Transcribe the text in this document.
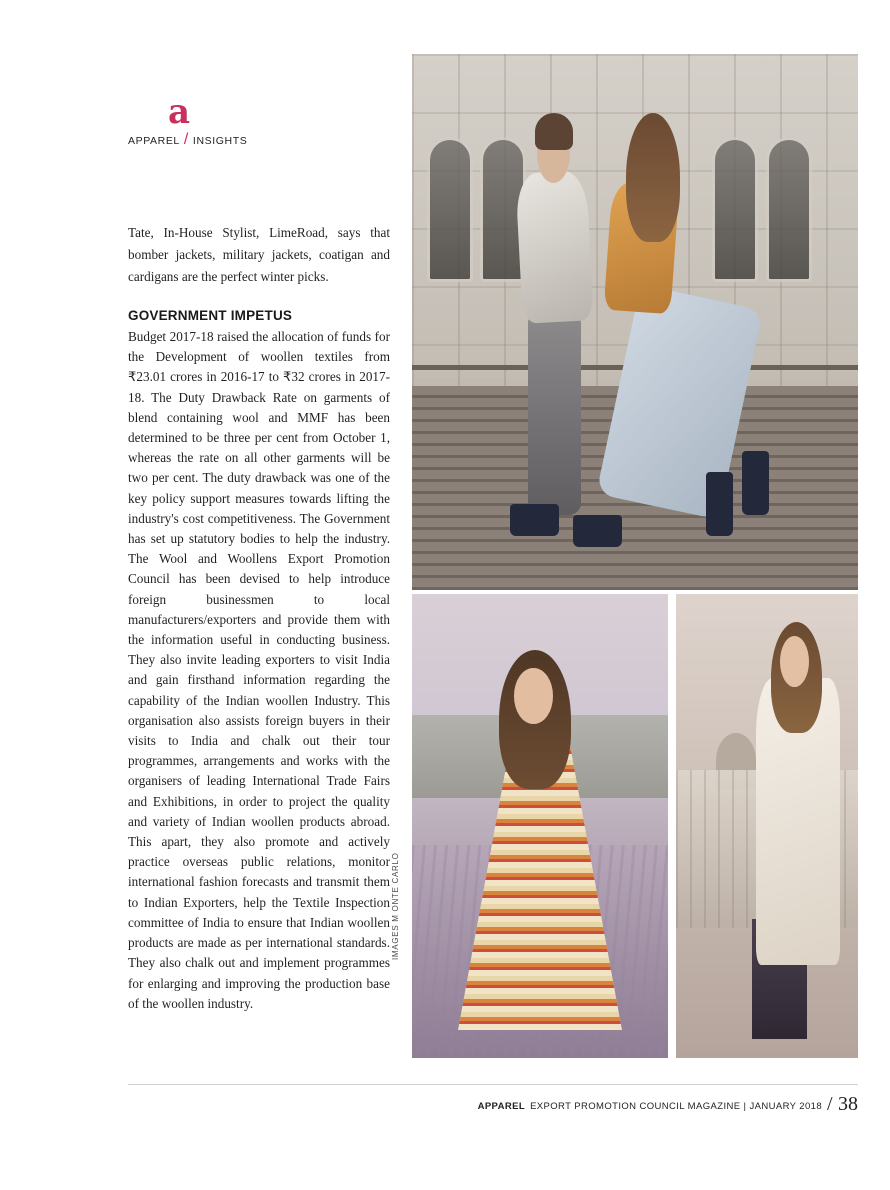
a
APPAREL / INSIGHTS

Tate, In-House Stylist, LimeRoad, says that bomber jackets, military jackets, coatigan and cardigans are the perfect winter picks.

GOVERNMENT IMPETUS

Budget 2017-18 raised the allocation of funds for the Development of woollen textiles from ₹23.01 crores in 2016-17 to ₹32 crores in 2017-18. The Duty Drawback Rate on garments of blend containing wool and MMF has been determined to be three per cent from October 1, whereas the rate on all other garments will be two per cent. The duty drawback was one of the key policy support measures towards lifting the industry's cost competitiveness. The Government has set up statutory bodies to help the industry. The Wool and Woollens Export Promotion Council has been devised to help introduce foreign businessmen to local manufacturers/exporters and provide them with the information useful in conducting business. They also invite leading exporters to visit India and gain firsthand information regarding the capability of the Indian woollen Industry. This organisation also assists foreign buyers in their visits to India and chalk out their tour programmes, arrangements and works with the organisers of leading International Trade Fairs and Exhibitions, in order to project the quality and variety of Indian woollen products abroad. This apart, they also promote and actively practice overseas public relations, monitor international fashion forecasts and transmit them to Indian Exporters, help the Textile Inspection committee of India to ensure that Indian woollen products are made as per international standards. They also chalk out and implement programmes for enlarging and improving the production base of the woollen industry.

IMAGES M ONTE CARLO
APPAREL EXPORT PROMOTION COUNCIL MAGAZINE | JANUARY 2018 / 38
